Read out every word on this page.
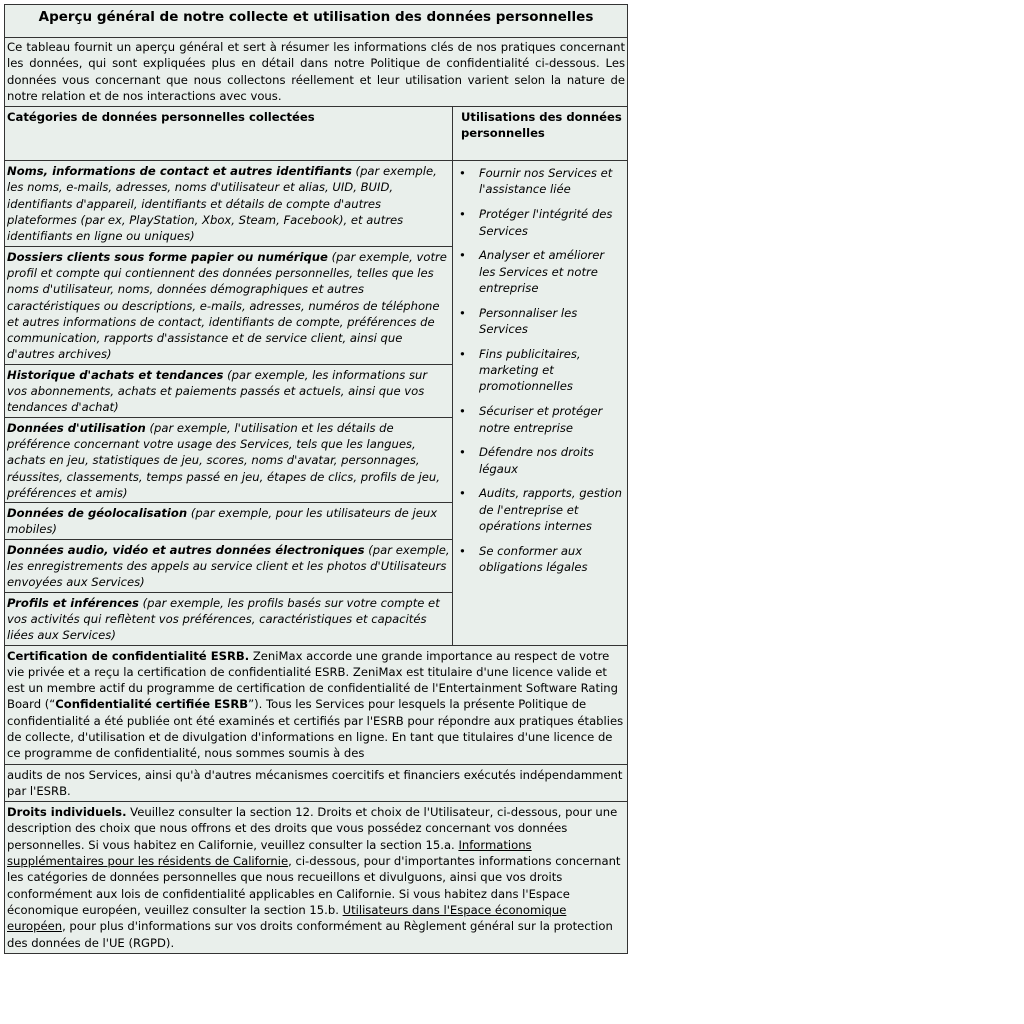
Aperçu général de notre collecte et utilisation des données personnelles
Ce tableau fournit un aperçu général et sert à résumer les informations clés de nos pratiques concernant les données, qui sont expliquées plus en détail dans notre Politique de confidentialité ci-dessous. Les données vous concernant que nous collectons réellement et leur utilisation varient selon la nature de notre relation et de nos interactions avec vous.
Catégories de données personnelles collectées	Utilisations des données personnelles
Noms, informations de contact et autres identifiants (par exemple, les noms, e-mails, adresses, noms d'utilisateur et alias, UID, BUID, identifiants d'appareil, identifiants et détails de compte d'autres plateformes (par ex, PlayStation, Xbox, Steam, Facebook), et autres identifiants en ligne ou uniques)
Dossiers clients sous forme papier ou numérique (par exemple, votre profil et compte qui contiennent des données personnelles, telles que les noms d'utilisateur, noms, données démographiques et autres caractéristiques ou descriptions, e-mails, adresses, numéros de téléphone et autres informations de contact, identifiants de compte, préférences de communication, rapports d'assistance et de service client, ainsi que d'autres archives)
Historique d'achats et tendances (par exemple, les informations sur vos abonnements, achats et paiements passés et actuels, ainsi que vos tendances d'achat)
Données d'utilisation (par exemple, l'utilisation et les détails de préférence concernant votre usage des Services, tels que les langues, achats en jeu, statistiques de jeu, scores, noms d'avatar, personnages, réussites, classements, temps passé en jeu, étapes de clics, profils de jeu, préférences et amis)
Données de géolocalisation (par exemple, pour les utilisateurs de jeux mobiles)
Données audio, vidéo et autres données électroniques (par exemple, les enregistrements des appels au service client et les photos d'Utilisateurs envoyées aux Services)
Profils et inférences (par exemple, les profils basés sur votre compte et vos activités qui reflètent vos préférences, caractéristiques et capacités liées aux Services)
• Fournir nos Services et l'assistance liée
• Protéger l'intégrité des Services
• Analyser et améliorer les Services et notre entreprise
• Personnaliser les Services
• Fins publicitaires, marketing et promotionnelles
• Sécuriser et protéger notre entreprise
• Défendre nos droits légaux
• Audits, rapports, gestion de l'entreprise et opérations internes
• Se conformer aux obligations légales
Certification de confidentialité ESRB. ZeniMax accorde une grande importance au respect de votre vie privée et a reçu la certification de confidentialité ESRB. ZeniMax est titulaire d'une licence valide et est un membre actif du programme de certification de confidentialité de l'Entertainment Software Rating Board (“Confidentialité certifiée ESRB”). Tous les Services pour lesquels la présente Politique de confidentialité a été publiée ont été examinés et certifiés par l'ESRB pour répondre aux pratiques établies de collecte, d'utilisation et de divulgation d'informations en ligne. En tant que titulaires d'une licence de ce programme de confidentialité, nous sommes soumis à des
audits de nos Services, ainsi qu'à d'autres mécanismes coercitifs et financiers exécutés indépendamment par l'ESRB.
Droits individuels. Veuillez consulter la section 12. Droits et choix de l'Utilisateur, ci-dessous, pour une description des choix que nous offrons et des droits que vous possédez concernant vos données personnelles. Si vous habitez en Californie, veuillez consulter la section 15.a. Informations supplémentaires pour les résidents de Californie, ci-dessous, pour d'importantes informations concernant les catégories de données personnelles que nous recueillons et divulguons, ainsi que vos droits conformément aux lois de confidentialité applicables en Californie. Si vous habitez dans l'Espace économique européen, veuillez consulter la section 15.b. Utilisateurs dans l'Espace économique européen, pour plus d'informations sur vos droits conformément au Règlement général sur la protection des données de l'UE (RGPD).
